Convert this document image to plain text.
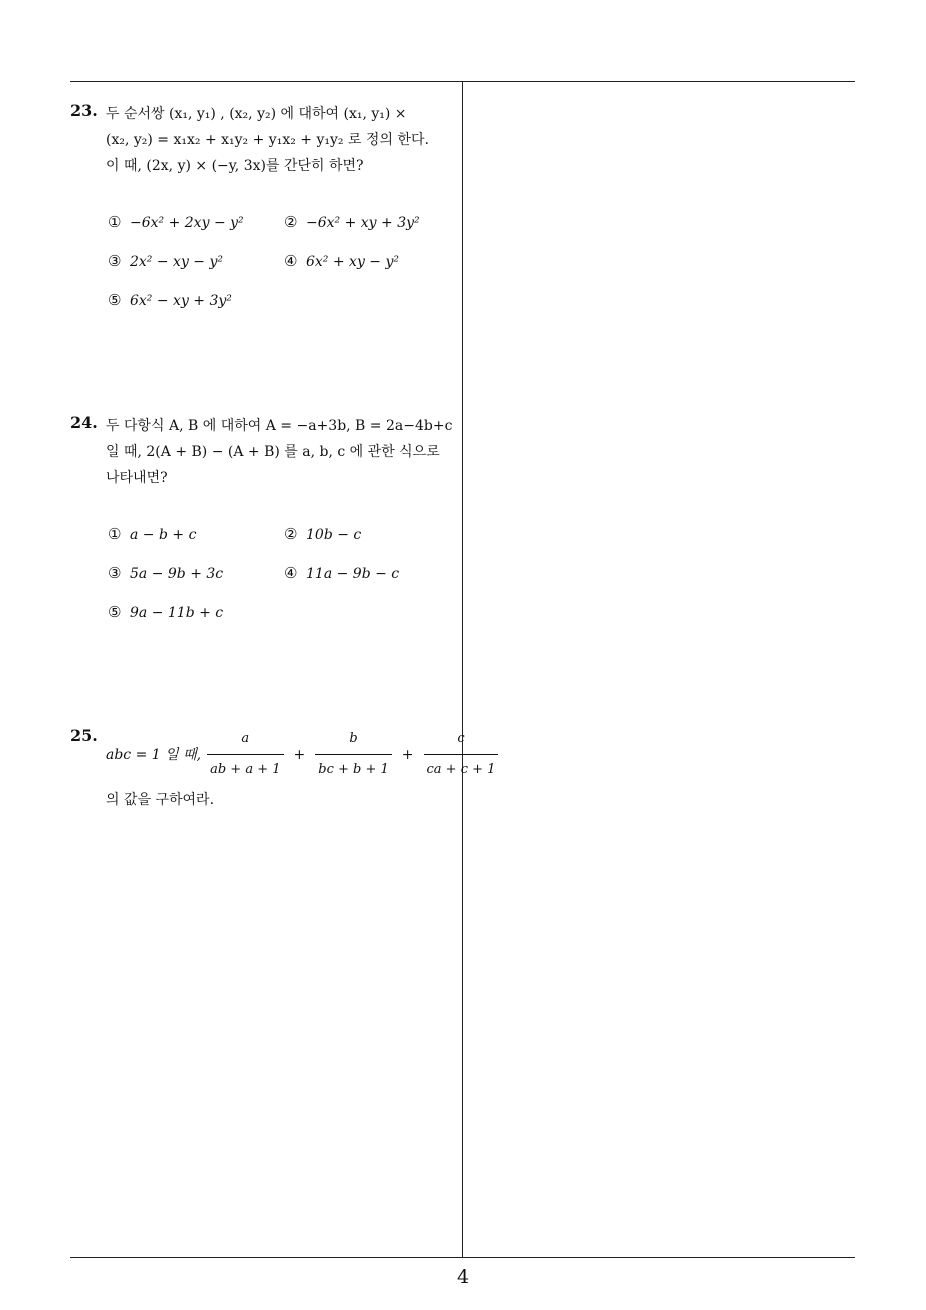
23. 두 순서쌍 (x₁, y₁) , (x₂, y₂) 에 대하여 (x₁, y₁) ×
(x₂, y₂) = x₁x₂ + x₁y₂ + y₁x₂ + y₁y₂ 로 정의 한다.
이 때, (2x, y) × (−y, 3x)를 간단히 하면?
① −6x² + 2xy − y²	② −6x² + xy + 3y²
③ 2x² − xy − y²	④ 6x² + xy − y²
⑤ 6x² − xy + 3y²
24. 두 다항식 A, B 에 대하여 A = −a+3b, B = 2a−4b+c
일 때, 2(A + B) − (A + B) 를 a, b, c 에 관한 식으로
나타내면?
① a − b + c	② 10b − c
③ 5a − 9b + 3c	④ 11a − 9b − c
⑤ 9a − 11b + c
25.
abc = 1 일 때, $\frac{a}{ab + a + 1} + \frac{b}{bc + b + 1} + \frac{c}{ca + c + 1}$
의 값을 구하여라.
4
